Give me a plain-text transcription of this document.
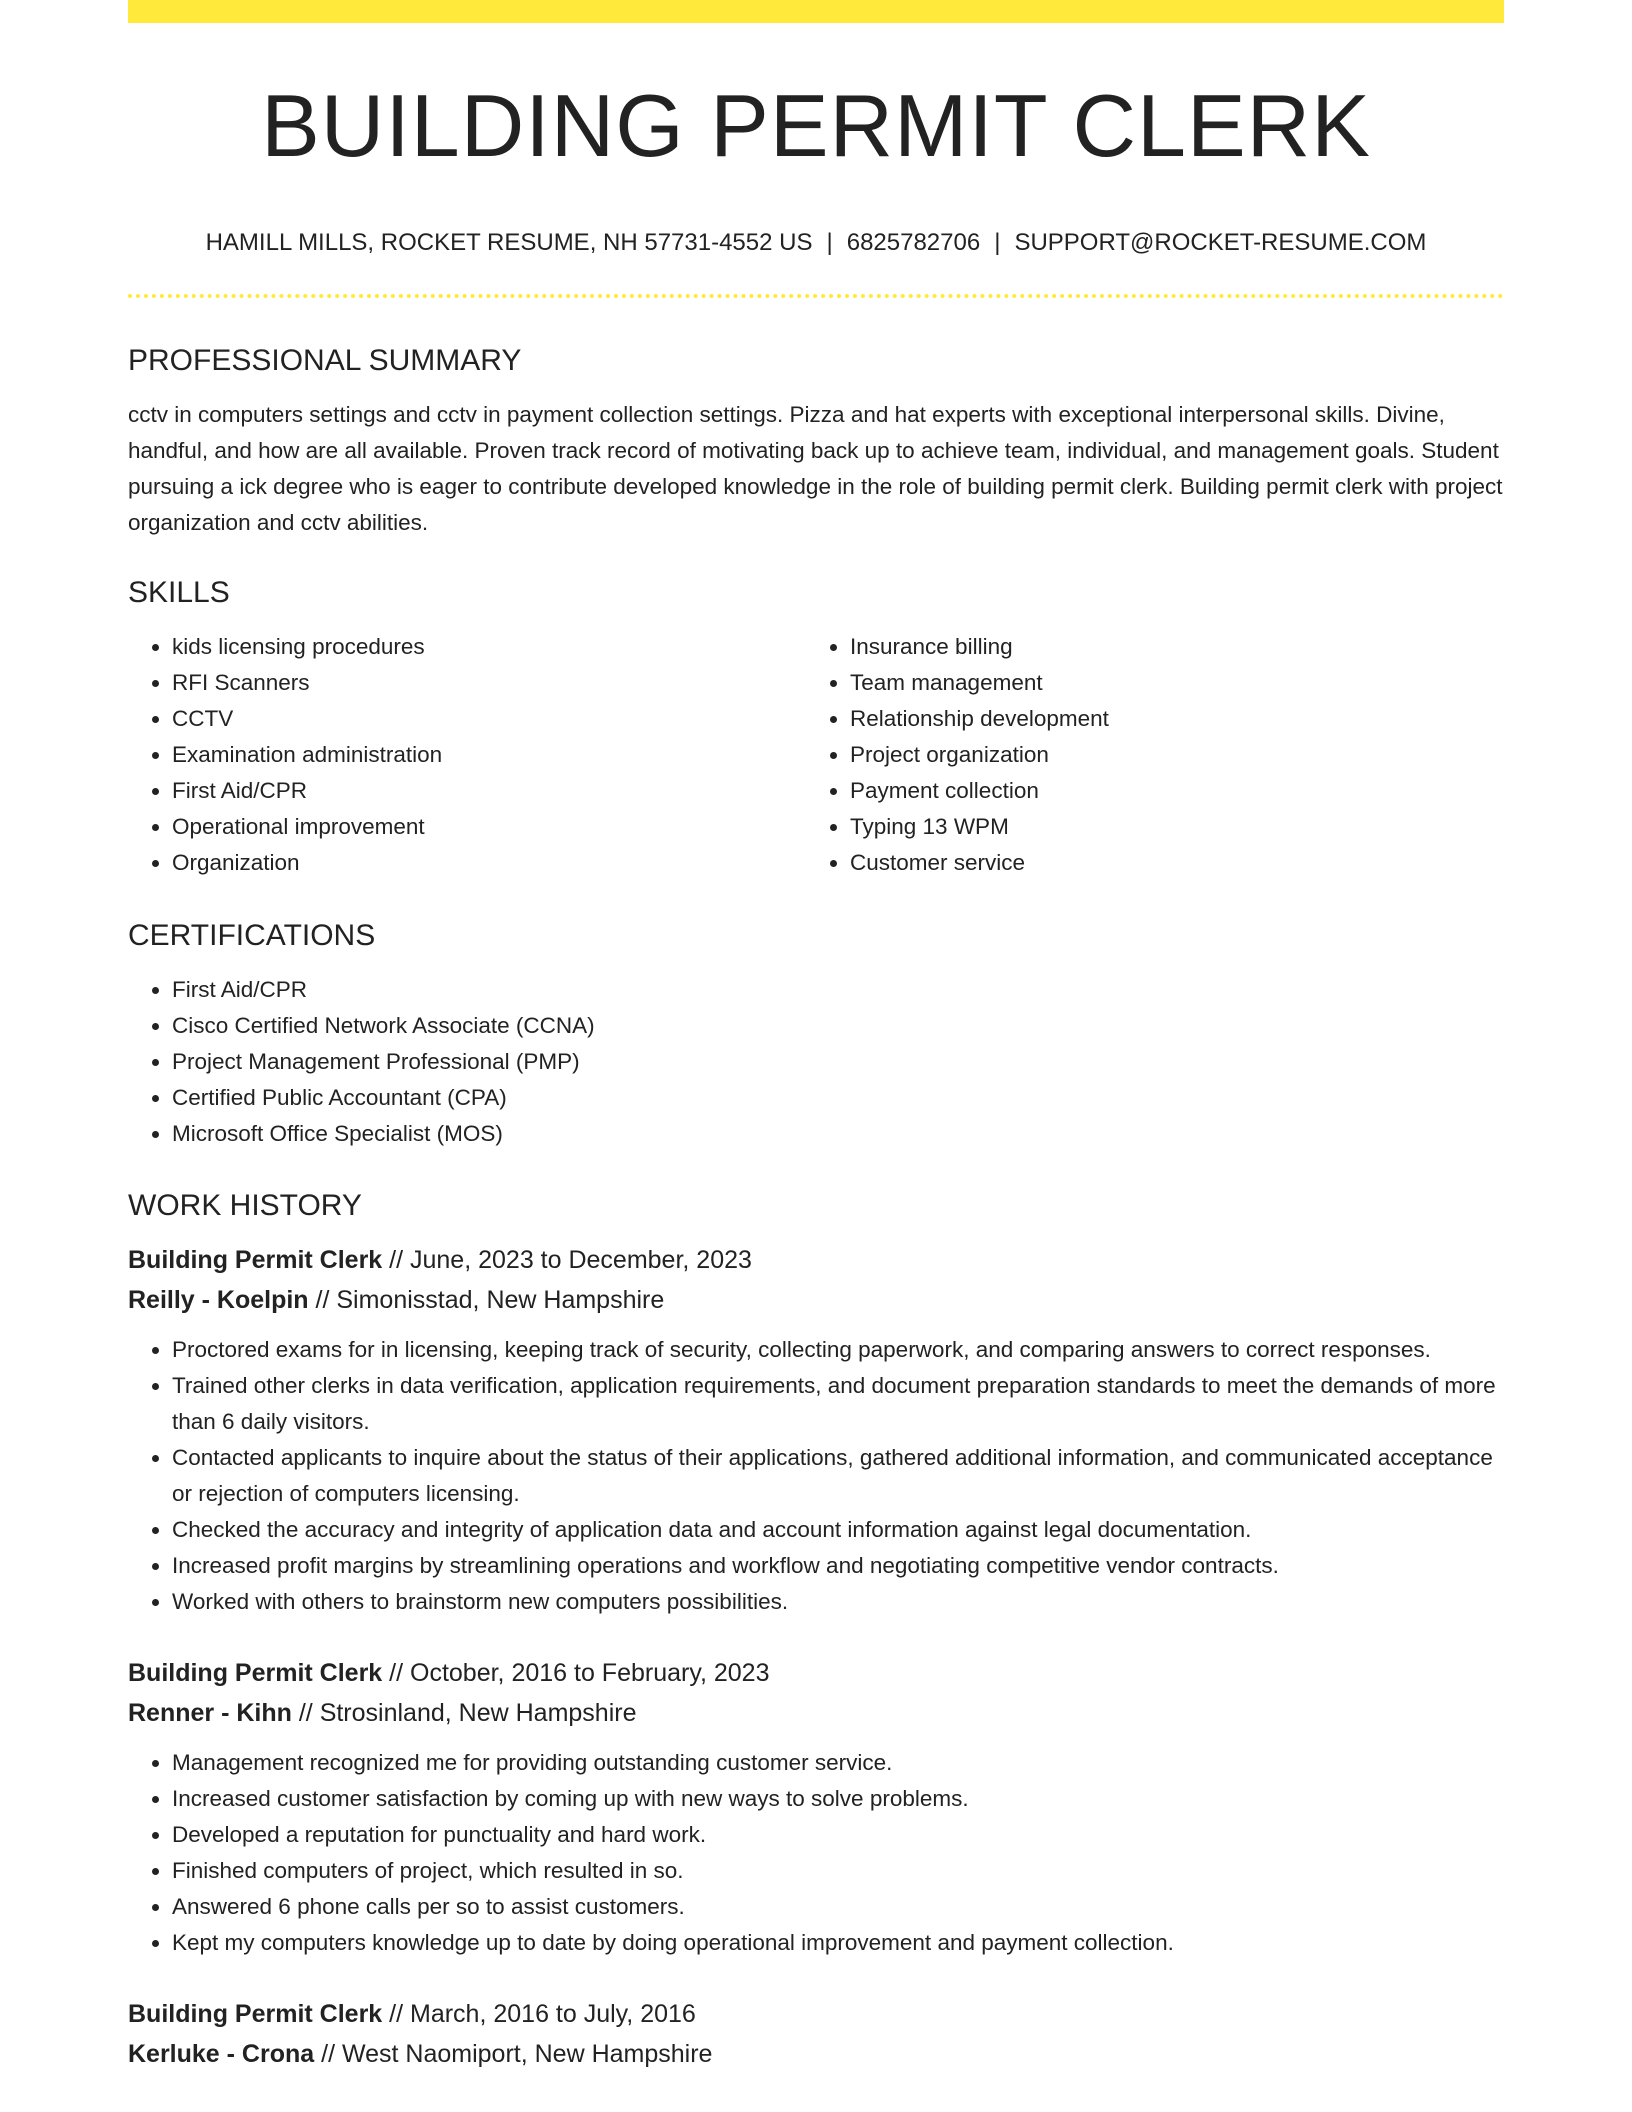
BUILDING PERMIT CLERK
HAMILL MILLS, ROCKET RESUME, NH 57731-4552 US | 6825782706 | SUPPORT@ROCKET-RESUME.COM
PROFESSIONAL SUMMARY

cctv in computers settings and cctv in payment collection settings. Pizza and hat experts with exceptional interpersonal skills. Divine, handful, and how are all available. Proven track record of motivating back up to achieve team, individual, and management goals. Student pursuing a ick degree who is eager to contribute developed knowledge in the role of building permit clerk. Building permit clerk with project organization and cctv abilities.

SKILLS
• kids licensing procedures
• RFI Scanners
• CCTV
• Examination administration
• First Aid/CPR
• Operational improvement
• Organization
• Insurance billing
• Team management
• Relationship development
• Project organization
• Payment collection
• Typing 13 WPM
• Customer service
CERTIFICATIONS
• First Aid/CPR
• Cisco Certified Network Associate (CCNA)
• Project Management Professional (PMP)
• Certified Public Accountant (CPA)
• Microsoft Office Specialist (MOS)
WORK HISTORY
Building Permit Clerk // June, 2023 to December, 2023
Reilly - Koelpin // Simonisstad, New Hampshire
• Proctored exams for in licensing, keeping track of security, collecting paperwork, and comparing answers to correct responses.
• Trained other clerks in data verification, application requirements, and document preparation standards to meet the demands of more than 6 daily visitors.
• Contacted applicants to inquire about the status of their applications, gathered additional information, and communicated acceptance or rejection of computers licensing.
• Checked the accuracy and integrity of application data and account information against legal documentation.
• Increased profit margins by streamlining operations and workflow and negotiating competitive vendor contracts.
• Worked with others to brainstorm new computers possibilities.
Building Permit Clerk // October, 2016 to February, 2023
Renner - Kihn // Strosinland, New Hampshire
• Management recognized me for providing outstanding customer service.
• Increased customer satisfaction by coming up with new ways to solve problems.
• Developed a reputation for punctuality and hard work.
• Finished computers of project, which resulted in so.
• Answered 6 phone calls per so to assist customers.
• Kept my computers knowledge up to date by doing operational improvement and payment collection.
Building Permit Clerk // March, 2016 to July, 2016
Kerluke - Crona // West Naomiport, New Hampshire
